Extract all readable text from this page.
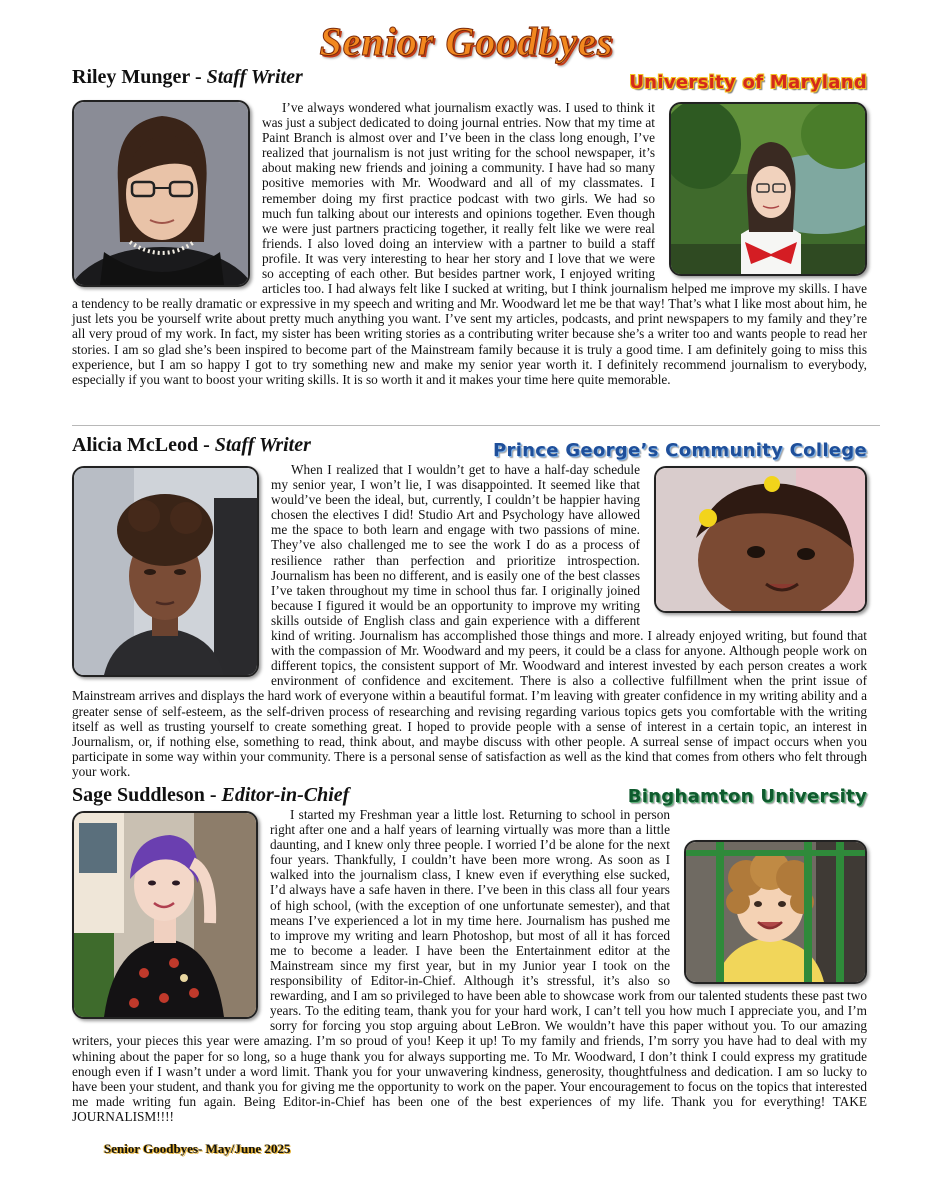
Senior Goodbyes
Riley Munger - Staff Writer	University of Maryland

I’ve always wondered what journalism exactly was. I used to think it was just a subject dedicated to doing journal entries. Now that my time at Paint Branch is almost over and I’ve been in the class long enough, I’ve realized that journalism is not just writing for the school newspaper, it’s about making new friends and joining a community. I have had so many positive memories with Mr. Woodward and all of my classmates. I remember doing my first practice podcast with two girls. We had so much fun talking about our interests and opinions together. Even though we were just partners practicing together, it really felt like we were real friends. I also loved doing an interview with a partner to build a staff profile. It was very interesting to hear her story and I love that we were so accepting of each other. But besides partner work, I enjoyed writing articles too. I had always felt like I sucked at writing, but I think journalism helped me improve my skills. I have a tendency to be really dramatic or expressive in my speech and writing and Mr. Woodward let me be that way! That’s what I like most about him, he just lets you be yourself write about pretty much anything you want. I’ve sent my articles, podcasts, and print newspapers to my family and they’re all very proud of my work. In fact, my sister has been writing stories as a contributing writer because she’s a writer too and wants people to read her stories. I am so glad she’s been inspired to become part of the Mainstream family because it is truly a good time. I am definitely going to miss this experience, but I am so happy I got to try something new and make my senior year worth it. I definitely recommend journalism to everybody, especially if you want to boost your writing skills. It is so worth it and it makes your time here quite memorable.

Alicia McLeod - Staff Writer	Prince George’s Community College

When I realized that I wouldn’t get to have a half-day schedule my senior year, I won’t lie, I was disappointed. It seemed like that would’ve been the ideal, but, currently, I couldn’t be happier having chosen the electives I did! Studio Art and Psychology have allowed me the space to both learn and engage with two passions of mine. They’ve also challenged me to see the work I do as a process of resilience rather than perfection and prioritize introspection. Journalism has been no different, and is easily one of the best classes I’ve taken throughout my time in school thus far. I originally joined because I figured it would be an opportunity to improve my writing skills outside of English class and gain experience with a different kind of writing. Journalism has accomplished those things and more. I already enjoyed writing, but found that with the compassion of Mr. Woodward and my peers, it could be a class for anyone. Although people work on different topics, the consistent support of Mr. Woodward and interest invested by each person creates a work environment of confidence and excitement. There is also a collective fulfillment when the print issue of Mainstream arrives and displays the hard work of everyone within a beautiful format. I’m leaving with greater confidence in my writing ability and a greater sense of self-esteem, as the self-driven process of researching and revising regarding various topics gets you comfortable with the writing itself as well as trusting yourself to create something great. I hoped to provide people with a sense of interest in a certain topic, an interest in Journalism, or, if nothing else, something to read, think about, and maybe discuss with other people. A surreal sense of impact occurs when you participate in some way within your community. There is a personal sense of satisfaction as well as the kind that comes from others who felt through your work.

Sage Suddleson - Editor-in-Chief	Binghamton University

I started my Freshman year a little lost. Returning to school in person right after one and a half years of learning virtually was more than a little daunting, and I knew only three people. I worried I’d be alone for the next four years. Thankfully, I couldn’t have been more wrong. As soon as I walked into the journalism class, I knew even if everything else sucked, I’d always have a safe haven in there. I’ve been in this class all four years of high school, (with the exception of one unfortunate semester), and that means I’ve experienced a lot in my time here. Journalism has pushed me to improve my writing and learn Photoshop, but most of all it has forced me to become a leader. I have been the Entertainment editor at the Mainstream since my first year, but in my Junior year I took on the responsibility of Editor-in-Chief. Although it’s stressful, it’s also so rewarding, and I am so privileged to have been able to showcase work from our talented students these past two years. To the editing team, thank you for your hard work, I can’t tell you how much I appreciate you, and I’m sorry for forcing you stop arguing about LeBron. We wouldn’t have this paper without you. To our amazing writers, your pieces this year were amazing. I’m so proud of you! Keep it up! To my family and friends, I’m sorry you have had to deal with my whining about the paper for so long, so a huge thank you for always supporting me. To Mr. Woodward, I don’t think I could express my gratitude enough even if I wasn’t under a word limit. Thank you for your unwavering kindness, generosity, thoughtfulness and dedication. I am so lucky to have been your student, and thank you for giving me the opportunity to work on the paper. Your encouragement to focus on the topics that interested me made writing fun again. Being Editor-in-Chief has been one of the best experiences of my life. Thank you for everything! TAKE JOURNALISM!!!!

Senior Goodbyes- May/June 2025
